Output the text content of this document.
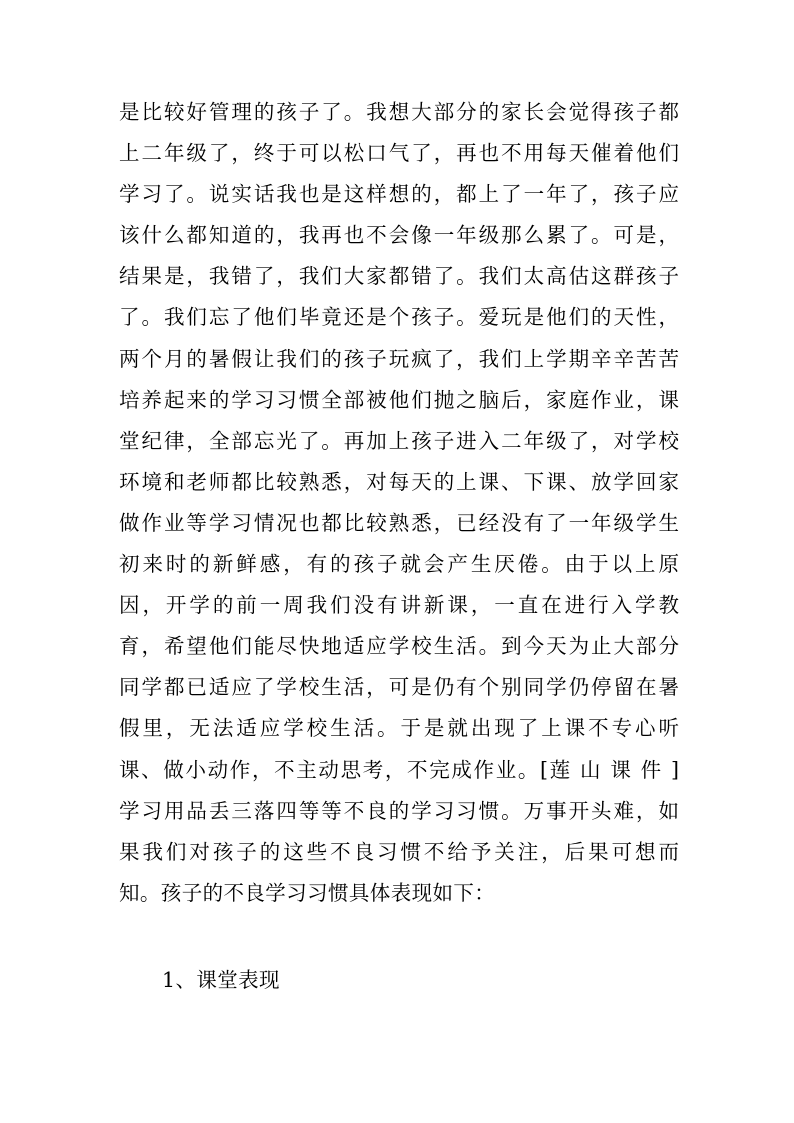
是比较好管理的孩子了。我想大部分的家长会觉得孩子都
上二年级了，终于可以松口气了，再也不用每天催着他们
学习了。说实话我也是这样想的，都上了一年了，孩子应
该什么都知道的，我再也不会像一年级那么累了。可是，
结果是，我错了，我们大家都错了。我们太高估这群孩子
了。我们忘了他们毕竟还是个孩子。爱玩是他们的天性，
两个月的暑假让我们的孩子玩疯了，我们上学期辛辛苦苦
培养起来的学习习惯全部被他们抛之脑后，家庭作业，课
堂纪律，全部忘光了。再加上孩子进入二年级了，对学校
环境和老师都比较熟悉，对每天的上课、下课、放学回家
做作业等学习情况也都比较熟悉，已经没有了一年级学生
初来时的新鲜感，有的孩子就会产生厌倦。由于以上原
因，开学的前一周我们没有讲新课，一直在进行入学教
育，希望他们能尽快地适应学校生活。到今天为止大部分
同学都已适应了学校生活，可是仍有个别同学仍停留在暑
假里，无法适应学校生活。于是就出现了上课不专心听
课、做小动作，不主动思考，不完成作业。[莲 山 课 件 ]
学习用品丢三落四等等不良的学习习惯。万事开头难，如
果我们对孩子的这些不良习惯不给予关注，后果可想而
知。孩子的不良学习习惯具体表现如下：
1、课堂表现
